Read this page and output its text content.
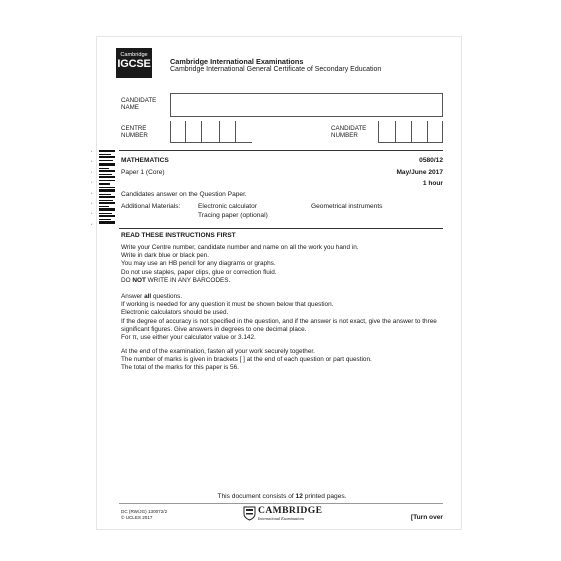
Cambridge
IGCSE	Cambridge International Examinations
Cambridge International General Certificate of Secondary Education
CANDIDATE NAME
CENTRE NUMBER
CANDIDATE NUMBER
*

*

*

*

*

*

*

*
MATHEMATICS	0580/12
Paper 1 (Core)	May/June 2017
1 hour
Candidates answer on the Question Paper.
Additional Materials:	Electronic calculator
Tracing paper (optional)
Geometrical instruments
READ THESE INSTRUCTIONS FIRST

Write your Centre number, candidate number and name on all the work you hand in.

Write in dark blue or black pen.

You may use an HB pencil for any diagrams or graphs.

Do not use staples, paper clips, glue or correction fluid.

DO NOT WRITE IN ANY BARCODES.

Answer all questions.

If working is needed for any question it must be shown below that question.

Electronic calculators should be used.

If the degree of accuracy is not specified in the question, and if the answer is not exact, give the answer to three significant figures. Give answers in degrees to one decimal place.

For π, use either your calculator value or 3.142.

At the end of the examination, fasten all your work securely together.

The number of marks is given in brackets [ ] at the end of each question or part question.

The total of the marks for this paper is 56.

This document consists of 12 printed pages.
DC (RW/JG) 130072/2
© UCLES 2017
CAMBRIDGE
International Examinations	[Turn over
